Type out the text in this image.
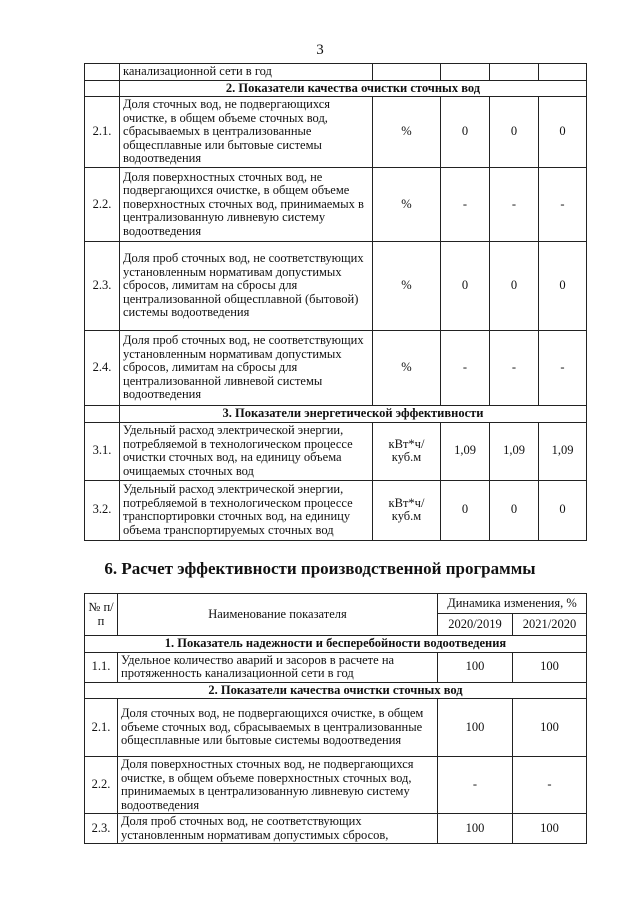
3
	канализационной сети в год				
	2. Показатели качества очистки сточных вод				
2.1.	Доля сточных вод, не подвергающихся очистке, в общем объеме сточных вод, сбрасываемых в централизованные общесплавные или бытовые системы водоотведения	%	0	0	0
2.2.	Доля поверхностных сточных вод, не подвергающихся очистке, в общем объеме поверхностных сточных вод, принимаемых в централизованную ливневую систему водоотведения	%	-	-	-
2.3.	Доля проб сточных вод, не соответствующих установленным нормативам допустимых сбросов, лимитам на сбросы для централизованной общесплавной (бытовой) системы водоотведения	%	0	0	0
2.4.	Доля проб сточных вод, не соответствующих установленным нормативам допустимых сбросов, лимитам на сбросы для централизованной ливневой системы водоотведения	%	-	-	-
	3. Показатели энергетической эффективности				
3.1.	Удельный расход электрической энергии, потребляемой в технологическом процессе очистки сточных вод, на единицу объема очищаемых сточных вод	кВт*ч/куб.м	1,09	1,09	1,09
3.2.	Удельный расход электрической энергии, потребляемой в технологическом процессе транспортировки сточных вод, на единицу объема транспортируемых сточных вод	кВт*ч/куб.м	0	0	0
6. Расчет эффективности производственной программы
№ п/п	Наименование показателя	Динамика изменения, %	
		2020/2019	2021/2020
1. Показатель надежности и бесперебойности водоотведения			
1.1.	Удельное количество аварий и засоров в расчете на протяженность канализационной сети в год	100	100
2. Показатели качества очистки сточных вод			
2.1.	Доля сточных вод, не подвергающихся очистке, в общем объеме сточных вод, сбрасываемых в централизованные общесплавные или бытовые системы водоотведения	100	100
2.2.	Доля поверхностных сточных вод, не подвергающихся очистке, в общем объеме поверхностных сточных вод, принимаемых в централизованную ливневую систему водоотведения	-	-
2.3.	Доля проб сточных вод, не соответствующих установленным нормативам допустимых сбросов,	100	100
